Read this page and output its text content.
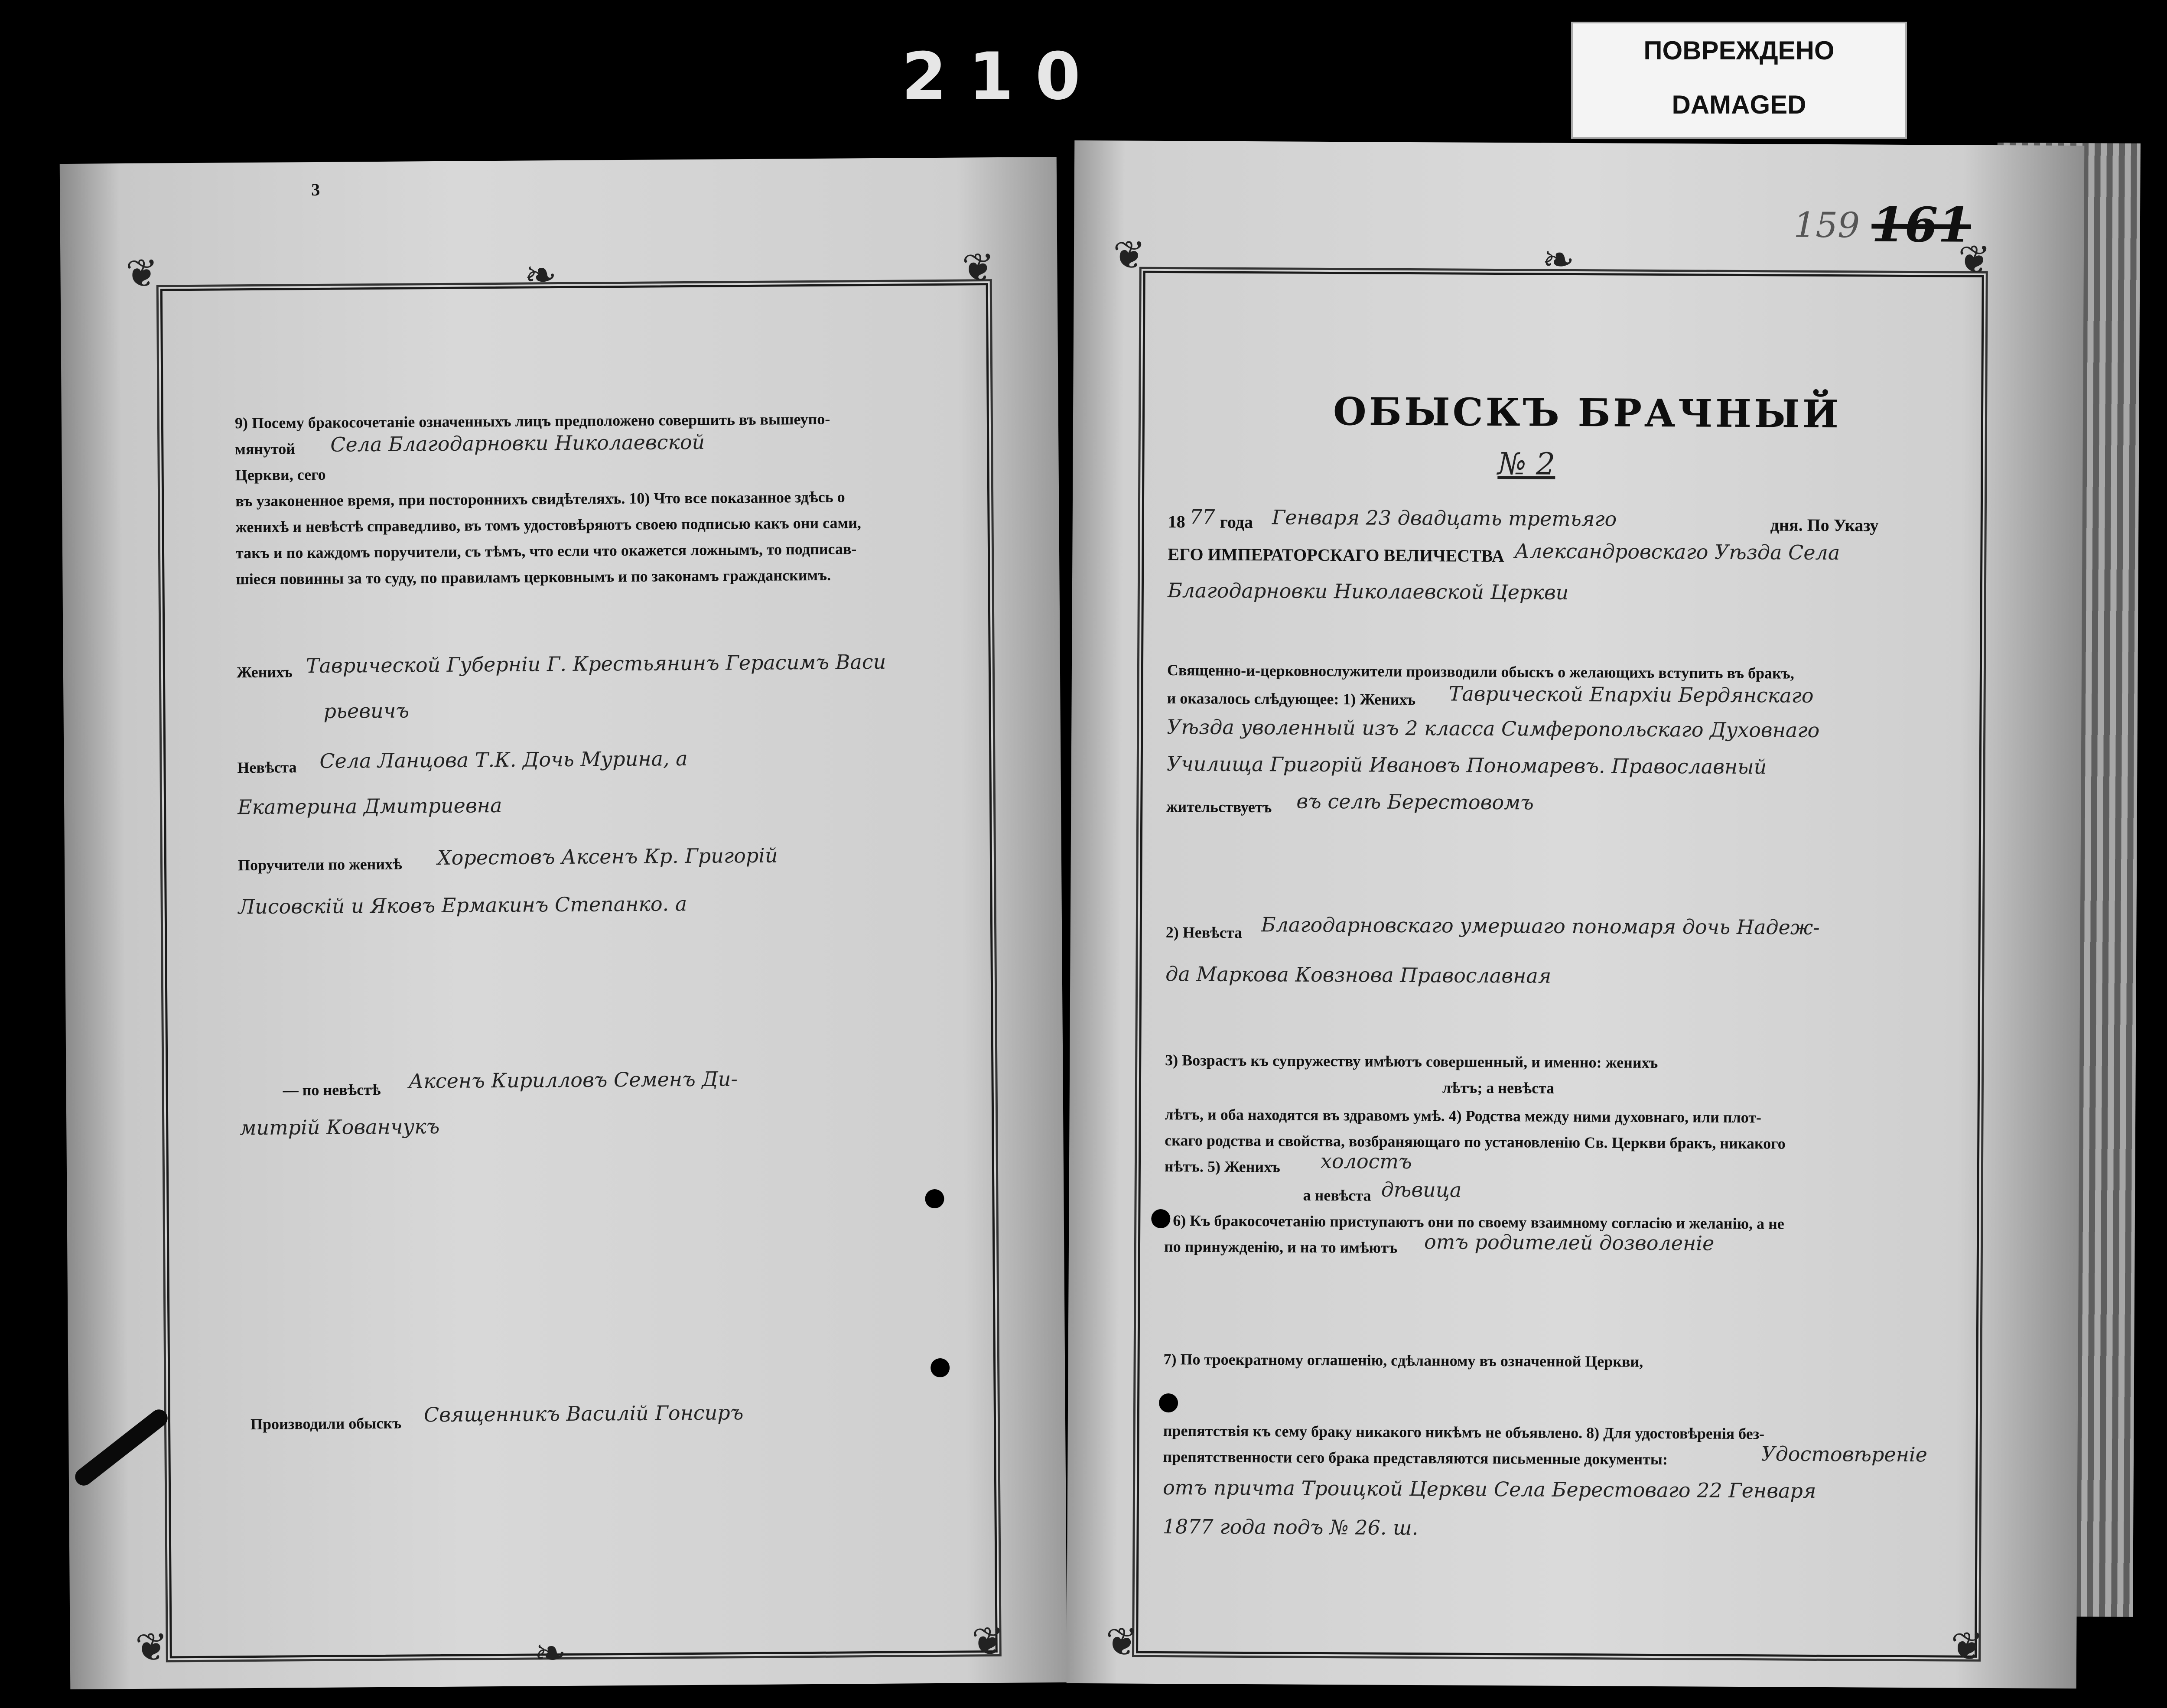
210	ПОВРЕЖДЕНО
DAMAGED
3
❦	❦
❧
❦	❦
❧
9) Посему бракосочетаніе означенныхъ лицъ предположено совершить въ вышеупо-
мянутой Села Благодарновки Николаевской
Церкви, сего
въ узаконенное время, при постороннихъ свидѣтеляхъ. 10) Что все показанное здѣсь о
женихѣ и невѣстѣ справедливо, въ томъ удостовѣряютъ своею подписью какъ они сами,
такъ и по каждомъ поручители, съ тѣмъ, что если что окажется ложнымъ, то подписав-
шіеся повинны за то суду, по правиламъ церковнымъ и по законамъ гражданскимъ.
Женихъ Таврической Губерніи Г. Крестьянинъ Герасимъ Васи
рьевичъ
Невѣста Села Ланцова Т.К. Дочь Мурина, а
Екатерина Дмитриевна
Поручители по женихѣ Хорестовъ Аксенъ Кр. Григорій
Лисовскій и Яковъ Ермакинъ Степанко. а
— по невѣстѣ Аксенъ Кирилловъ Семенъ Ди-
митрій Кованчукъ
Производили обыскъ Священникъ Василій Гонсиръ
159 161
❦	❦
❧
❦	❦
ОБЫСКЪ БРАЧНЫЙ
№ 2
18 77 года Генваря 23 двадцать третьяго	дня. По Указу
ЕГО ИМПЕРАТОРСКАГО ВЕЛИЧЕСТВА Александровскаго Уѣзда Села
Благодарновки Николаевской Церкви
Священно-и-церковнослужители производили обыскъ о желающихъ вступить въ бракъ,
и оказалось слѣдующее: 1) Женихъ Таврической Епархіи Бердянскаго
Уѣзда уволенный изъ 2 класса Симферопольскаго Духовнаго
Училища Григорій Ивановъ Пономаревъ. Православный
жительствуетъ въ селѣ Берестовомъ
2) Невѣста Благодарновскаго умершаго пономаря дочь Надеж-
да Маркова Ковзнова Православная
3) Возрастъ къ супружеству имѣютъ совершенный, и именно: женихъ
лѣтъ; а невѣста
лѣтъ, и оба находятся въ здравомъ умѣ. 4) Родства между ними духовнаго, или плот-
скаго родства и свойства, возбраняющаго по установленію Св. Церкви бракъ, никакого
нѣтъ. 5) Женихъ холостъ
а невѣста дѣвица
6) Къ бракосочетанію приступаютъ они по своему взаимному согласію и желанію, а не
по принужденію, и на то имѣютъ отъ родителей дозволеніе
7) По троекратному оглашенію, сдѣланному въ означенной Церкви,
препятствія къ сему браку никакого никѣмъ не объявлено. 8) Для удостовѣренія без-
препятственности сего брака представляются письменные документы:	Удостовѣреніе
отъ причта Троицкой Церкви Села Берестоваго 22 Генваря
1877 года подъ № 26. ш.
